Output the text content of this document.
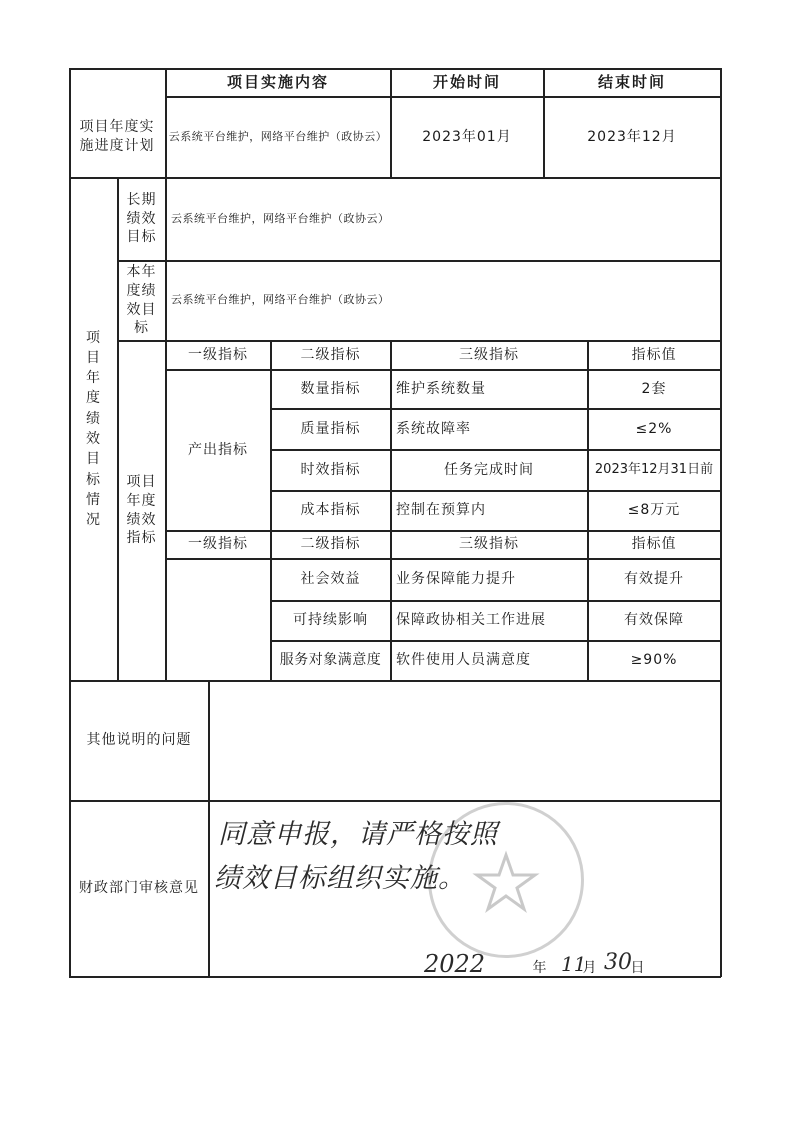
项目年度实施进度计划
项目实施内容	开始时间	结束时间
云系统平台维护，网络平台维护（政协云）	2023年01月	2023年12月
项目年度绩效目标情况
长期绩效目标
云系统平台维护，网络平台维护（政协云）
本年度绩效目标
云系统平台维护，网络平台维护（政协云）
项目年度绩效指标
一级指标	二级指标	三级指标	指标值
产出指标
数量指标	维护系统数量	2套
质量指标	系统故障率	≤2%
时效指标	任务完成时间	2023年12月31日前
成本指标	控制在预算内	≤8万元
一级指标	二级指标	三级指标	指标值
社会效益	业务保障能力提升	有效提升
可持续影响	保障政协相关工作进展	有效保障
服务对象满意度	软件使用人员满意度	≥90%
其他说明的问题
财政部门审核意见
同意申报，请严格按照
绩效目标组织实施。
2022	年 11
月 30
日
